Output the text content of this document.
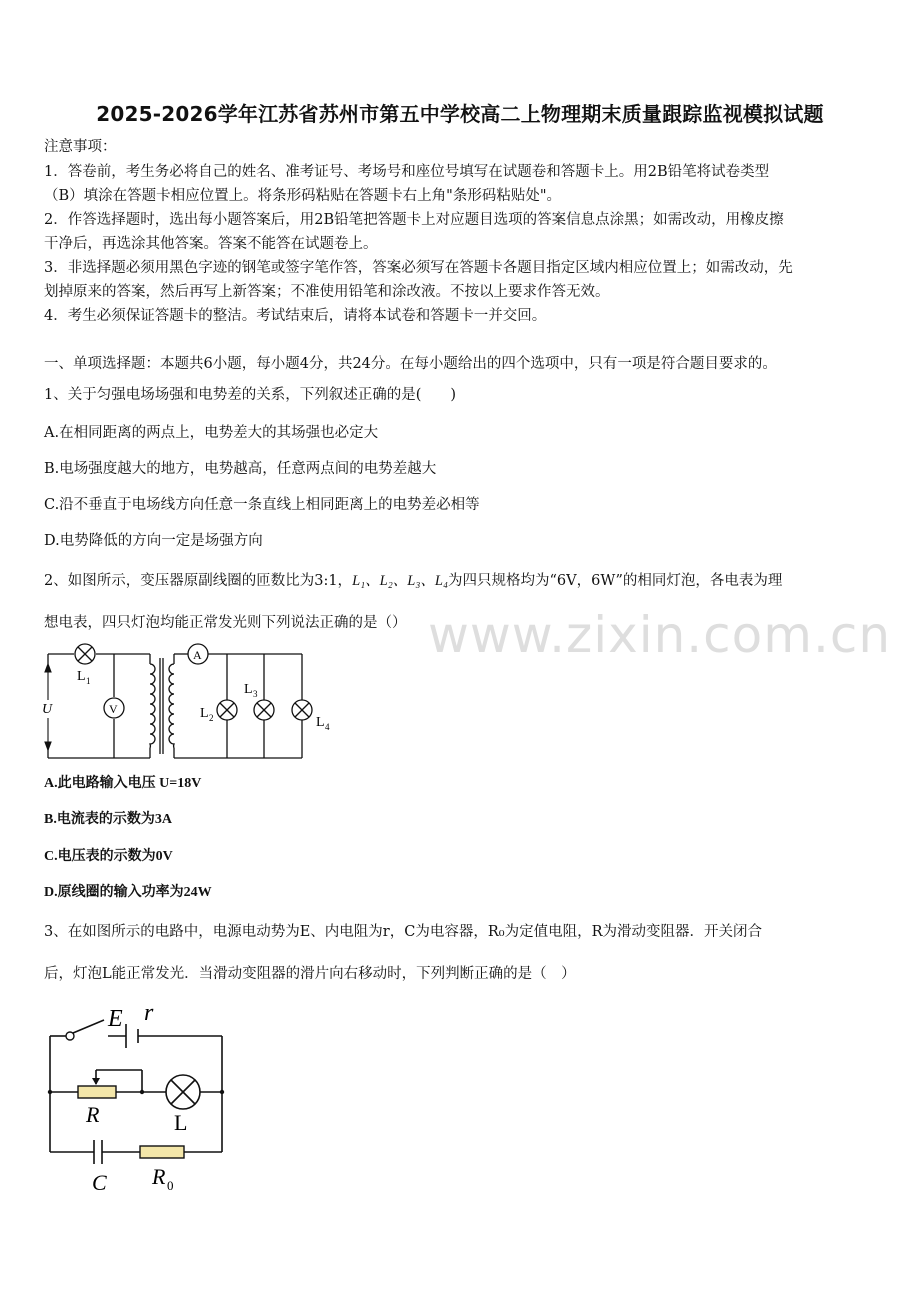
2025-2026学年江苏省苏州市第五中学校高二上物理期末质量跟踪监视模拟试题
注意事项：
1．答卷前，考生务必将自己的姓名、准考证号、考场号和座位号填写在试题卷和答题卡上。用2B铅笔将试卷类型
（B）填涂在答题卡相应位置上。将条形码粘贴在答题卡右上角"条形码粘贴处"。
2．作答选择题时，选出每小题答案后，用2B铅笔把答题卡上对应题目选项的答案信息点涂黑；如需改动，用橡皮擦
干净后，再选涂其他答案。答案不能答在试题卷上。
3．非选择题必须用黑色字迹的钢笔或签字笔作答，答案必须写在答题卡各题目指定区域内相应位置上；如需改动，先
划掉原来的答案，然后再写上新答案；不准使用铅笔和涂改液。不按以上要求作答无效。
4．考生必须保证答题卡的整洁。考试结束后，请将本试卷和答题卡一并交回。
一、单项选择题：本题共6小题，每小题4分，共24分。在每小题给出的四个选项中，只有一项是符合题目要求的。
1、关于匀强电场场强和电势差的关系，下列叙述正确的是(　　)
A.在相同距离的两点上，电势差大的其场强也必定大
B.电场强度越大的地方，电势越高，任意两点间的电势差越大
C.沿不垂直于电场线方向任意一条直线上相同距离上的电势差必相等
D.电势降低的方向一定是场强方向
2、如图所示，变压器原副线圈的匝数比为3:1，L₁、L₂、L₃、L₄为四只规格均为“6V，6W”的相同灯泡，各电表为理
想电表，四只灯泡均能正常发光则下列说法正确的是（） www.zixin.com.cn
U
L 1
V
A
L 2
L 3
L 4
A.此电路输入电压 U=18V
B.电流表的示数为3A
C.电压表的示数为0V
D.原线圈的输入功率为24W
3、在如图所示的电路中，电源电动势为E、内电阻为r，C为电容器，R₀为定值电阻，R为滑动变阻器．开关闭合
后，灯泡L能正常发光．当滑动变阻器的滑片向右移动时，下列判断正确的是（　）
E r
R	L
C R 0
